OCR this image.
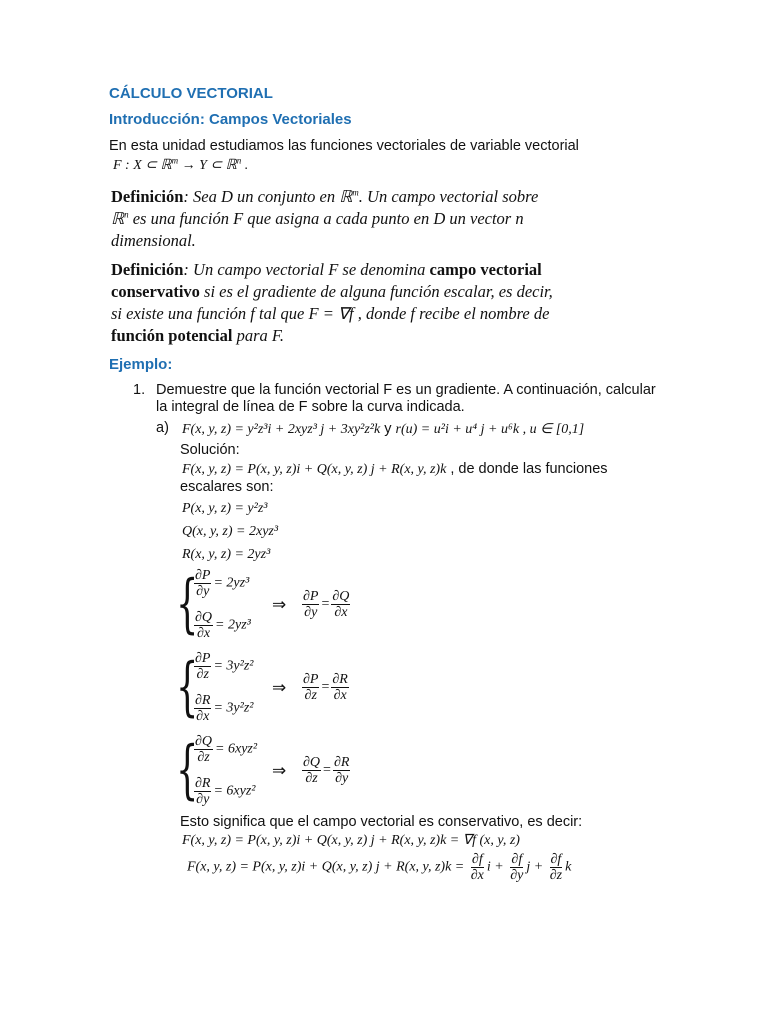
CÁLCULO VECTORIAL
Introducción: Campos Vectoriales
En esta unidad estudiamos las funciones vectoriales de variable vectorial
F : X ⊂ ℝ$^m$ → Y ⊂ ℝ$^n$ .
Definición: Sea D un conjunto en ℝ$^m$. Un campo vectorial sobre
ℝ$^n$ es una función F que asigna a cada punto en D un vector n
dimensional.
Definición: Un campo vectorial F se denomina campo vectorial
conservativo si es el gradiente de alguna función escalar, es decir,
si existe una función f tal que F = ∇f , donde f recibe el nombre de
función potencial para F.
Ejemplo:
1. Demuestre que la función vectorial F es un gradiente. A continuación, calcular
la integral de línea de F sobre la curva indicada.
a) F(x, y, z) = y²z³i + 2xyz³ j + 3xy²z²k y r(u) = u²i + u⁴ j + u⁶k , u ∈ [0,1]
Solución:
F(x, y, z) = P(x, y, z)i + Q(x, y, z) j + R(x, y, z)k , de donde las funciones
escalares son:
P(x, y, z) = y²z³
Q(x, y, z) = 2xyz³
R(x, y, z) = 2yz³
{
$\frac{\partial P}{\partial y} = 2yz^3$
$\frac{\partial Q}{\partial x} = 2yz^3$
⇒ $\frac{\partial P}{\partial y} = \frac{\partial Q}{\partial x}$
{
$\frac{\partial P}{\partial z} = 3y^2z^2$
$\frac{\partial R}{\partial x} = 3y^2z^2$
⇒ $\frac{\partial P}{\partial z} = \frac{\partial R}{\partial x}$
{
$\frac{\partial Q}{\partial z} = 6xyz^2$
$\frac{\partial R}{\partial y} = 6xyz^2$
⇒ $\frac{\partial Q}{\partial z} = \frac{\partial R}{\partial y}$
Esto significa que el campo vectorial es conservativo, es decir:
F(x, y, z) = P(x, y, z)i + Q(x, y, z) j + R(x, y, z)k = ∇f (x, y, z)
F(x, y, z) = P(x, y, z)i + Q(x, y, z) j + R(x, y, $z)k = \frac{\partial f}{\partial x}$ $i + \frac{\partial f}{\partial y}$ $j + \frac{\partial f}{\partial z}$ k
